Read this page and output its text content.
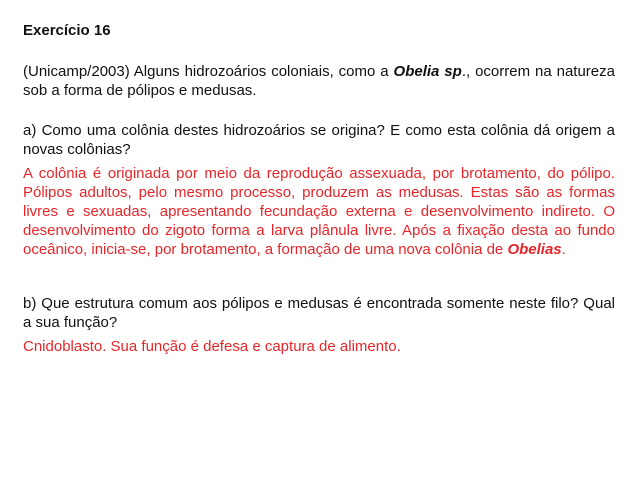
Exercício 16

(Unicamp/2003) Alguns hidrozoários coloniais, como a Obelia sp., ocorrem na natureza sob a forma de pólipos e medusas.

a) Como uma colônia destes hidrozoários se origina? E como esta colônia dá origem a novas colônias?

A colônia é originada por meio da reprodução assexuada, por brotamento, do pólipo. Pólipos adultos, pelo mesmo processo, produzem as medusas. Estas são as formas livres e sexuadas, apresentando fecundação externa e desenvolvimento indireto. O desenvolvimento do zigoto forma a larva plânula livre. Após a fixação desta ao fundo oceânico, inicia-se, por brotamento, a formação de uma nova colônia de Obelias.

b) Que estrutura comum aos pólipos e medusas é encontrada somente neste filo? Qual a sua função?

Cnidoblasto. Sua função é defesa e captura de alimento.
